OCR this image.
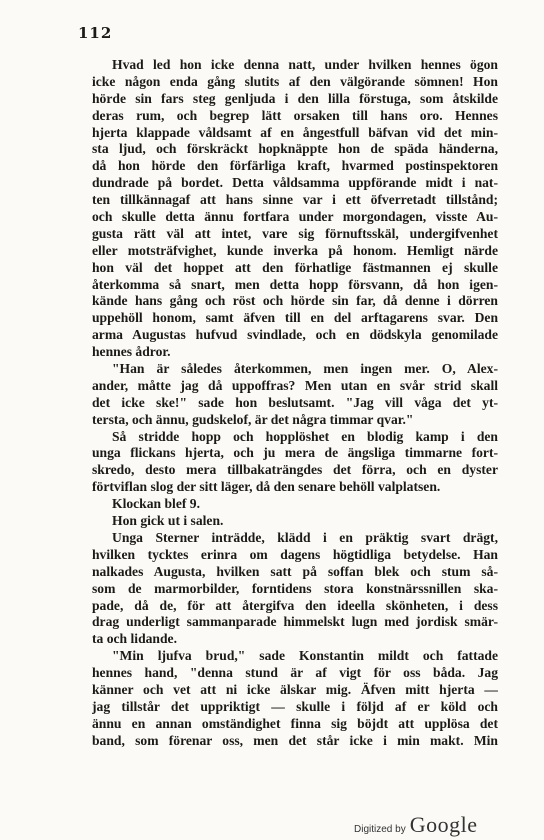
112
Hvad led hon icke denna natt, under hvilken hennes ögon
icke någon enda gång slutits af den välgörande sömnen! Hon
hörde sin fars steg genljuda i den lilla förstuga, som åtskilde
deras rum, och begrep lätt orsaken till hans oro. Hennes
hjerta klappade våldsamt af en ångestfull bäfvan vid det min-
sta ljud, och förskräckt hopknäppte hon de späda händerna,
då hon hörde den förfärliga kraft, hvarmed postinspektoren
dundrade på bordet. Detta våldsamma uppförande midt i nat-
ten tillkännagaf att hans sinne var i ett öfverretadt tillstånd;
och skulle detta ännu fortfara under morgondagen, visste Au-
gusta rätt väl att intet, vare sig förnuftsskäl, undergifvenhet
eller motsträfvighet, kunde inverka på honom. Hemligt närde
hon väl det hoppet att den förhatlige fästmannen ej skulle
återkomma så snart, men detta hopp försvann, då hon igen-
kände hans gång och röst och hörde sin far, då denne i dörren
uppehöll honom, samt äfven till en del arftagarens svar. Den
arma Augustas hufvud svindlade, och en dödskyla genomilade
hennes ådror.
"Han är således återkommen, men ingen mer. O, Alex-
ander, måtte jag då uppoffras? Men utan en svår strid skall
det icke ske!" sade hon beslutsamt. "Jag vill våga det yt-
tersta, och ännu, gudskelof, är det några timmar qvar."
Så stridde hopp och hopplöshet en blodig kamp i den
unga flickans hjerta, och ju mera de ängsliga timmarne fort-
skredo, desto mera tillbakaträngdes det förra, och en dyster
förtviflan slog der sitt läger, då den senare behöll valplatsen.
Klockan blef 9.
Hon gick ut i salen.
Unga Sterner inträdde, klädd i en präktig svart drägt,
hvilken tycktes erinra om dagens högtidliga betydelse. Han
nalkades Augusta, hvilken satt på soffan blek och stum så-
som de marmorbilder, forntidens stora konstnärssnillen ska-
pade, då de, för att återgifva den ideella skönheten, i dess
drag underligt sammanparade himmelskt lugn med jordisk smär-
ta och lidande.
"Min ljufva brud," sade Konstantin mildt och fattade
hennes hand, "denna stund är af vigt för oss båda. Jag
känner och vet att ni icke älskar mig. Äfven mitt hjerta —
jag tillstår det uppriktigt — skulle i följd af er köld och
ännu en annan omständighet finna sig böjdt att upplösa det
band, som förenar oss, men det står icke i min makt. Min
Digitized by Google
